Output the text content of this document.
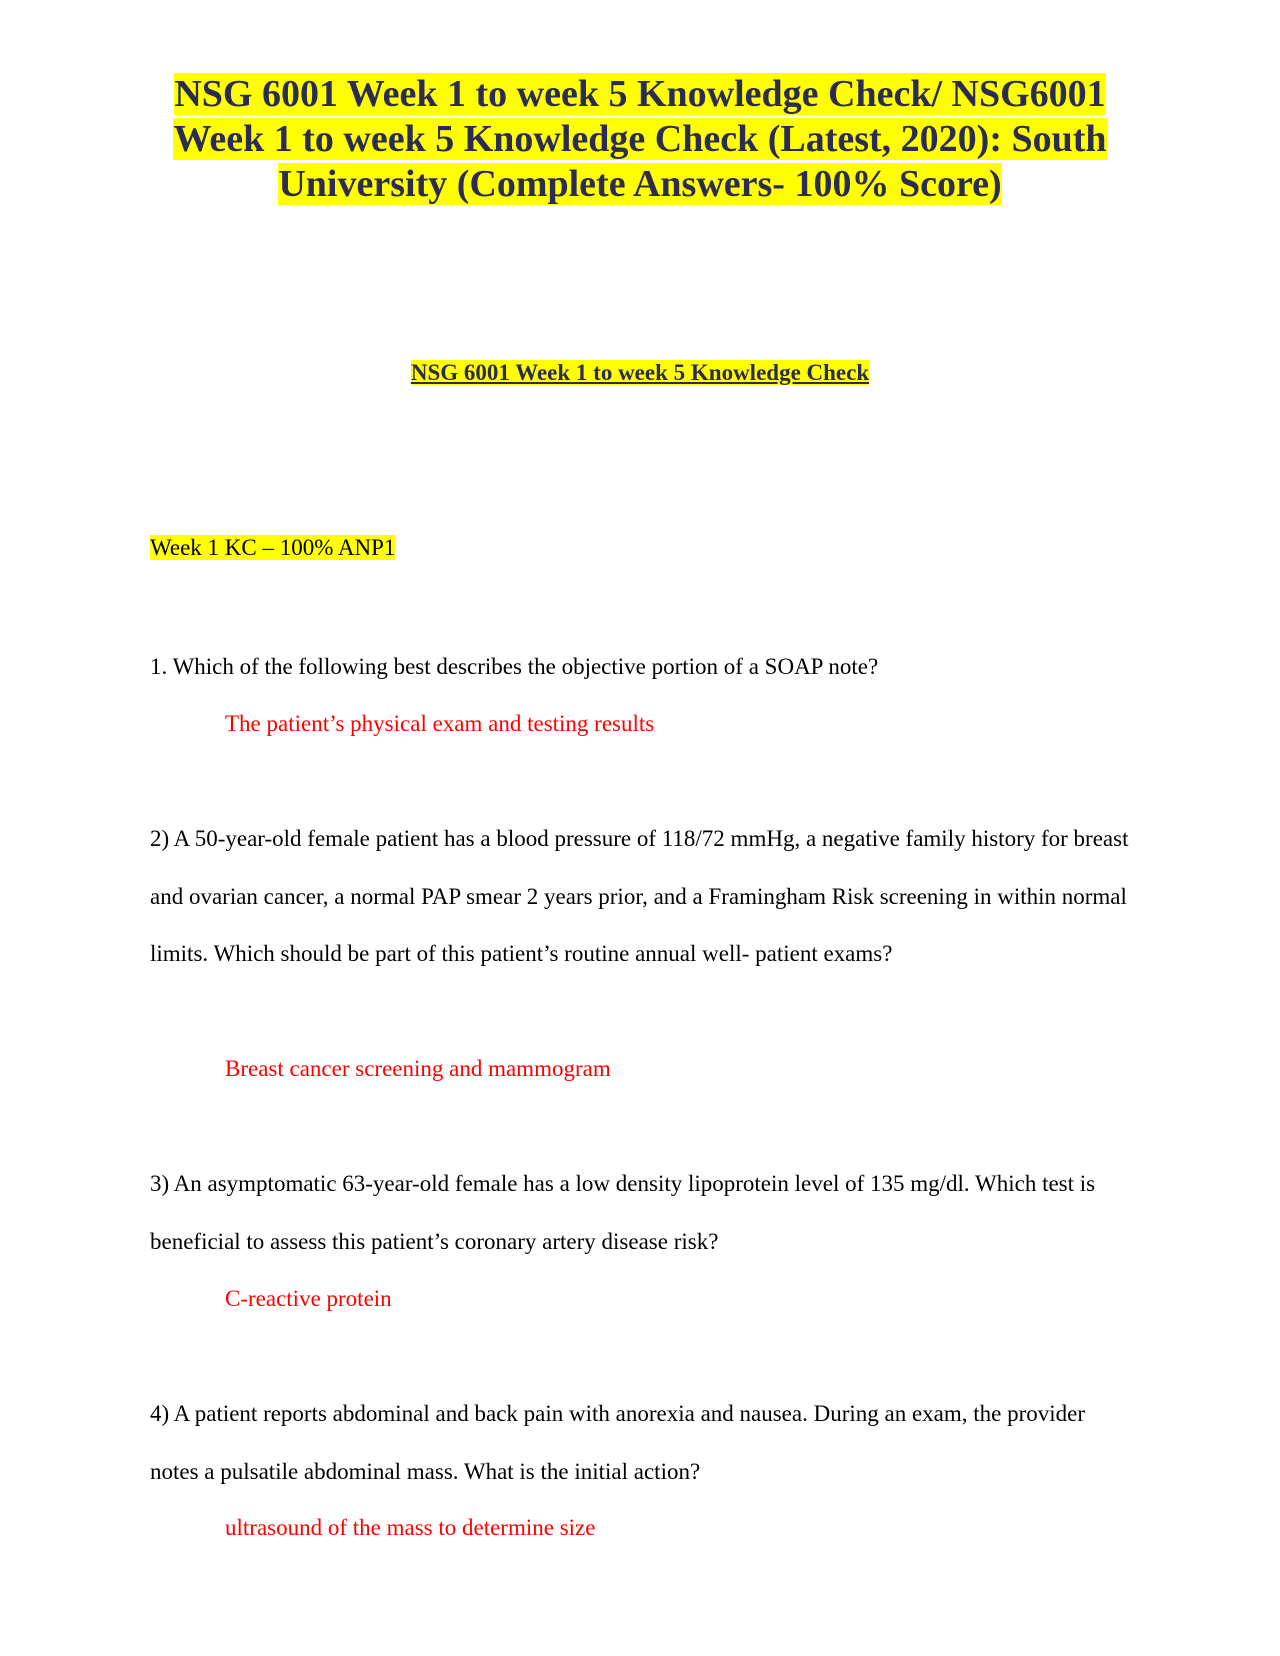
NSG 6001 Week 1 to week 5 Knowledge Check/ NSG6001 Week 1 to week 5 Knowledge Check (Latest, 2020): South University (Complete Answers- 100% Score)
NSG 6001 Week 1 to week 5 Knowledge Check

Week 1 KC – 100% ANP1

1. Which of the following best describes the objective portion of a SOAP note?

The patient’s physical exam and testing results

2) A 50-year-old female patient has a blood pressure of 118/72 mmHg, a negative family history for breast and ovarian cancer, a normal PAP smear 2 years prior, and a Framingham Risk screening in within normal limits. Which should be part of this patient’s routine annual well- patient exams?

Breast cancer screening and mammogram

3) An asymptomatic 63-year-old female has a low density lipoprotein level of 135 mg/dl. Which test is beneficial to assess this patient’s coronary artery disease risk?

C-reactive protein

4) A patient reports abdominal and back pain with anorexia and nausea. During an exam, the provider notes a pulsatile abdominal mass. What is the initial action?

ultrasound of the mass to determine size
